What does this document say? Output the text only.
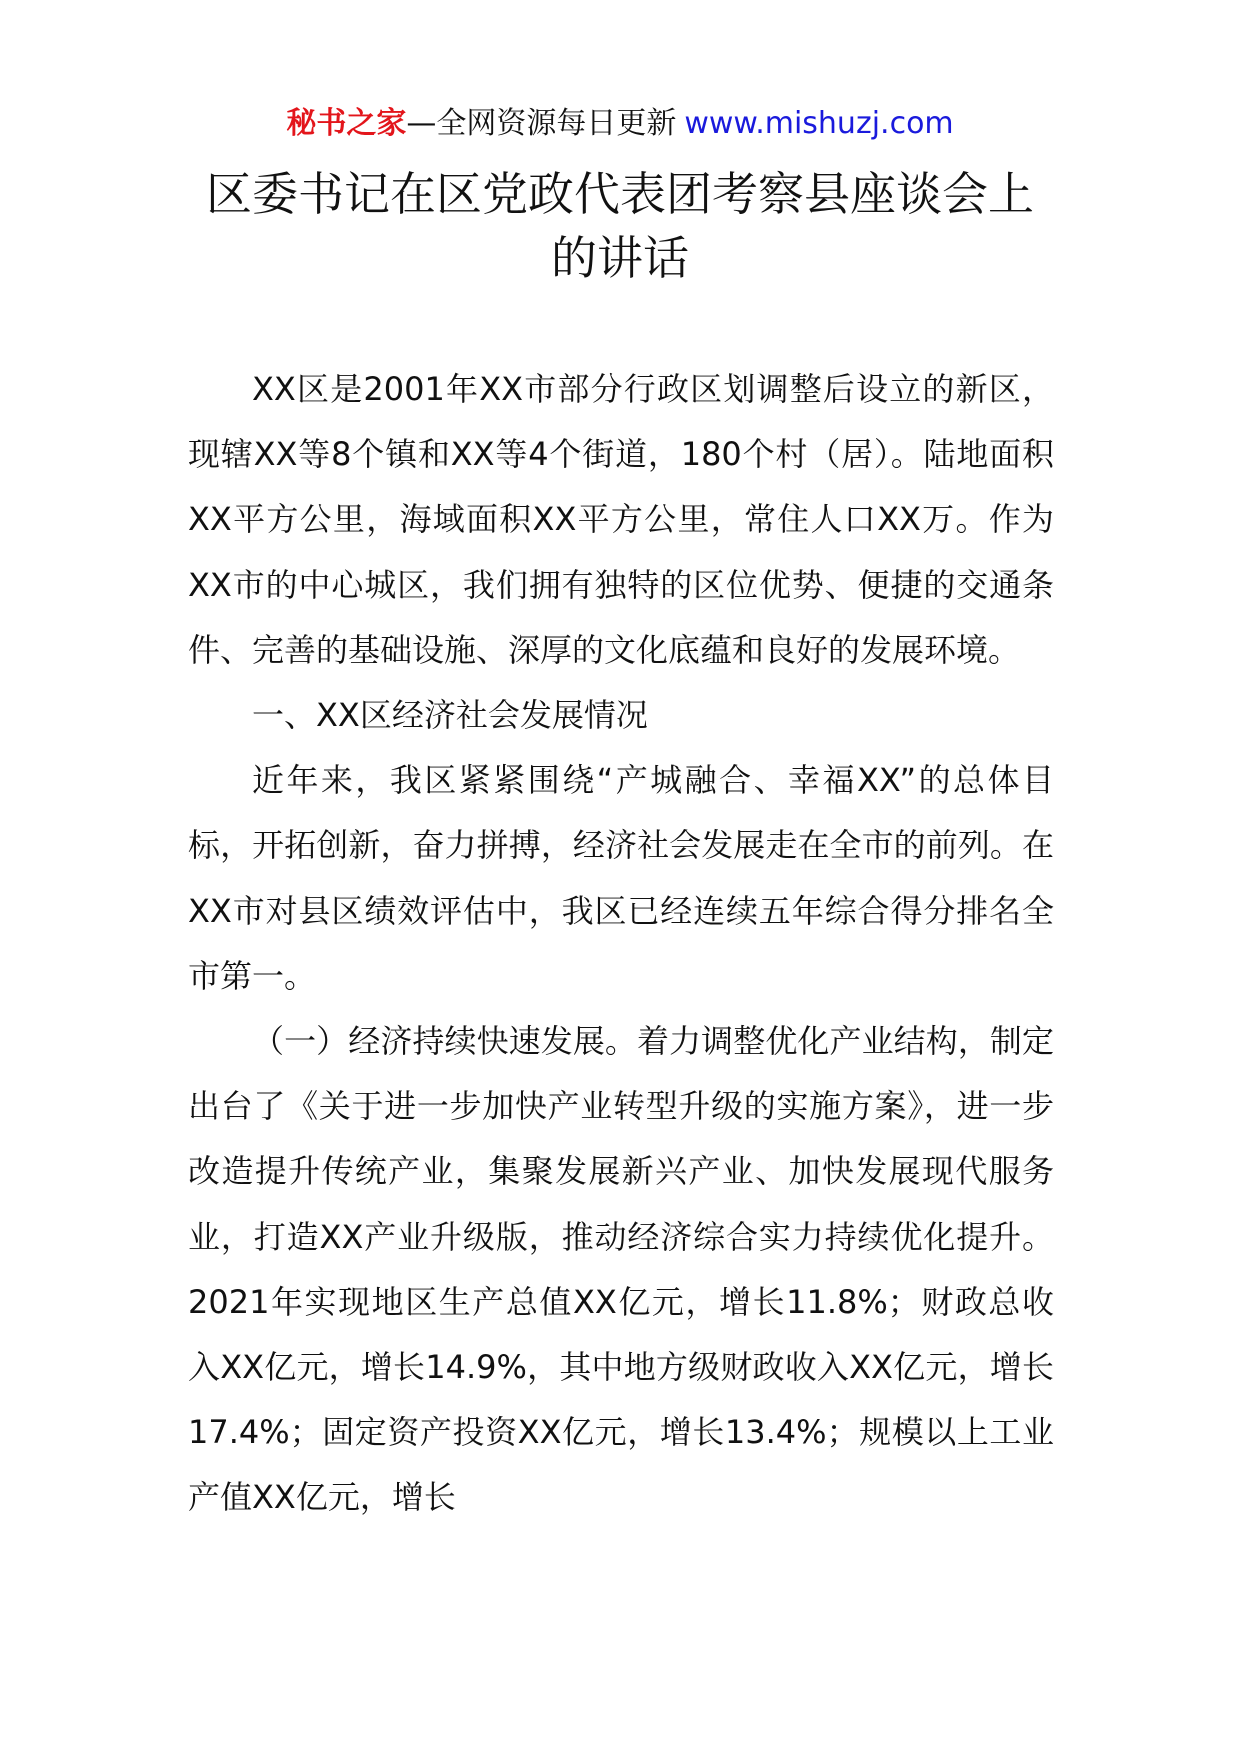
秘书之家—全网资源每日更新 www.mishuzj.com
区委书记在区党政代表团考察县座谈会上
的讲话

XX区是2001年XX市部分行政区划调整后设立的新区，现辖XX等8个镇和XX等4个街道，180个村（居）。陆地面积XX平方公里，海域面积XX平方公里，常住人口XX万。作为XX市的中心城区，我们拥有独特的区位优势、便捷的交通条件、完善的基础设施、深厚的文化底蕴和良好的发展环境。

一、XX区经济社会发展情况

近年来，我区紧紧围绕“产城融合、幸福XX”的总体目标，开拓创新，奋力拼搏，经济社会发展走在全市的前列。在XX市对县区绩效评估中，我区已经连续五年综合得分排名全市第一。

（一）经济持续快速发展。着力调整优化产业结构，制定出台了《关于进一步加快产业转型升级的实施方案》，进一步改造提升传统产业，集聚发展新兴产业、加快发展现代服务业，打造XX产业升级版，推动经济综合实力持续优化提升。2021年实现地区生产总值XX亿元，增长11.8%；财政总收入XX亿元，增长14.9%，其中地方级财政收入XX亿元，增长17.4%；固定资产投资XX亿元，增长13.4%；规模以上工业产值XX亿元，增长
